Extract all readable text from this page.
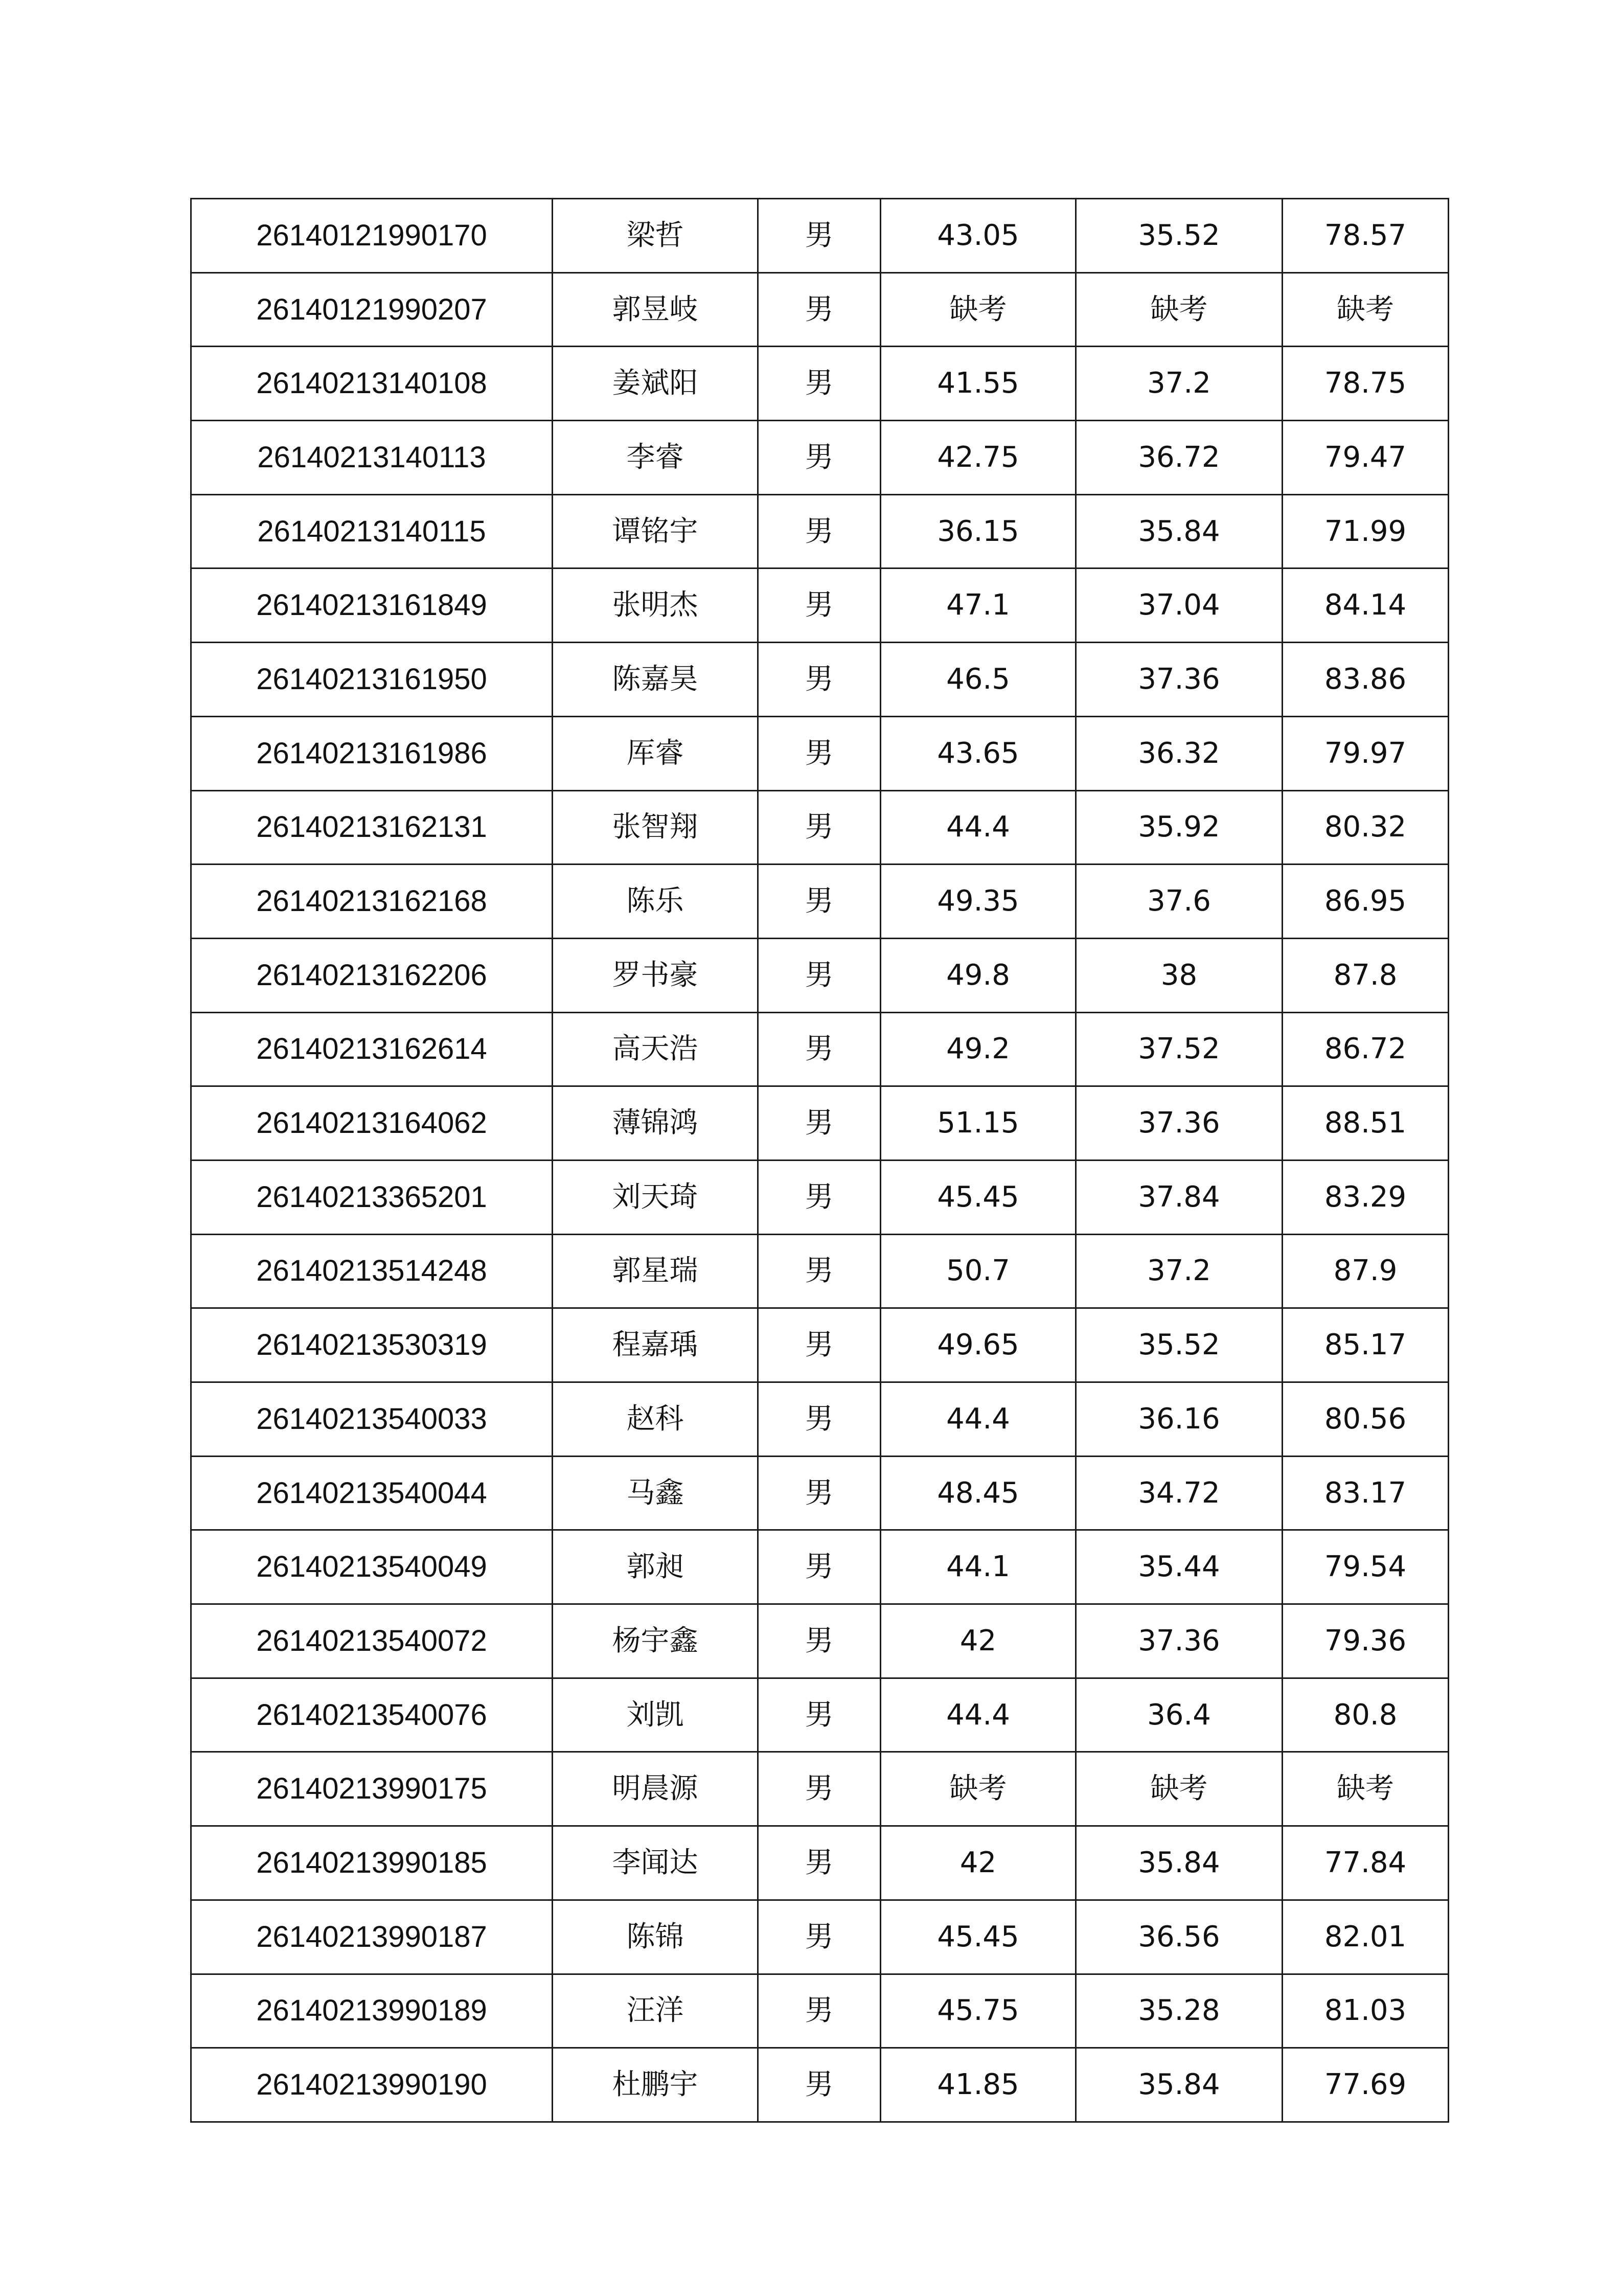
26140121990170	梁哲	男	43.05	35.52	78.57
26140121990207	郭昱岐	男	缺考	缺考	缺考
26140213140108	姜斌阳	男	41.55	37.2	78.75
26140213140113	李睿	男	42.75	36.72	79.47
26140213140115	谭铭宇	男	36.15	35.84	71.99
26140213161849	张明杰	男	47.1	37.04	84.14
26140213161950	陈嘉昊	男	46.5	37.36	83.86
26140213161986	厍睿	男	43.65	36.32	79.97
26140213162131	张智翔	男	44.4	35.92	80.32
26140213162168	陈乐	男	49.35	37.6	86.95
26140213162206	罗书豪	男	49.8	38	87.8
26140213162614	高天浩	男	49.2	37.52	86.72
26140213164062	薄锦鸿	男	51.15	37.36	88.51
26140213365201	刘天琦	男	45.45	37.84	83.29
26140213514248	郭星瑞	男	50.7	37.2	87.9
26140213530319	程嘉瑀	男	49.65	35.52	85.17
26140213540033	赵科	男	44.4	36.16	80.56
26140213540044	马鑫	男	48.45	34.72	83.17
26140213540049	郭昶	男	44.1	35.44	79.54
26140213540072	杨宇鑫	男	42	37.36	79.36
26140213540076	刘凯	男	44.4	36.4	80.8
26140213990175	明晨源	男	缺考	缺考	缺考
26140213990185	李闻达	男	42	35.84	77.84
26140213990187	陈锦	男	45.45	36.56	82.01
26140213990189	汪洋	男	45.75	35.28	81.03
26140213990190	杜鹏宇	男	41.85	35.84	77.69
